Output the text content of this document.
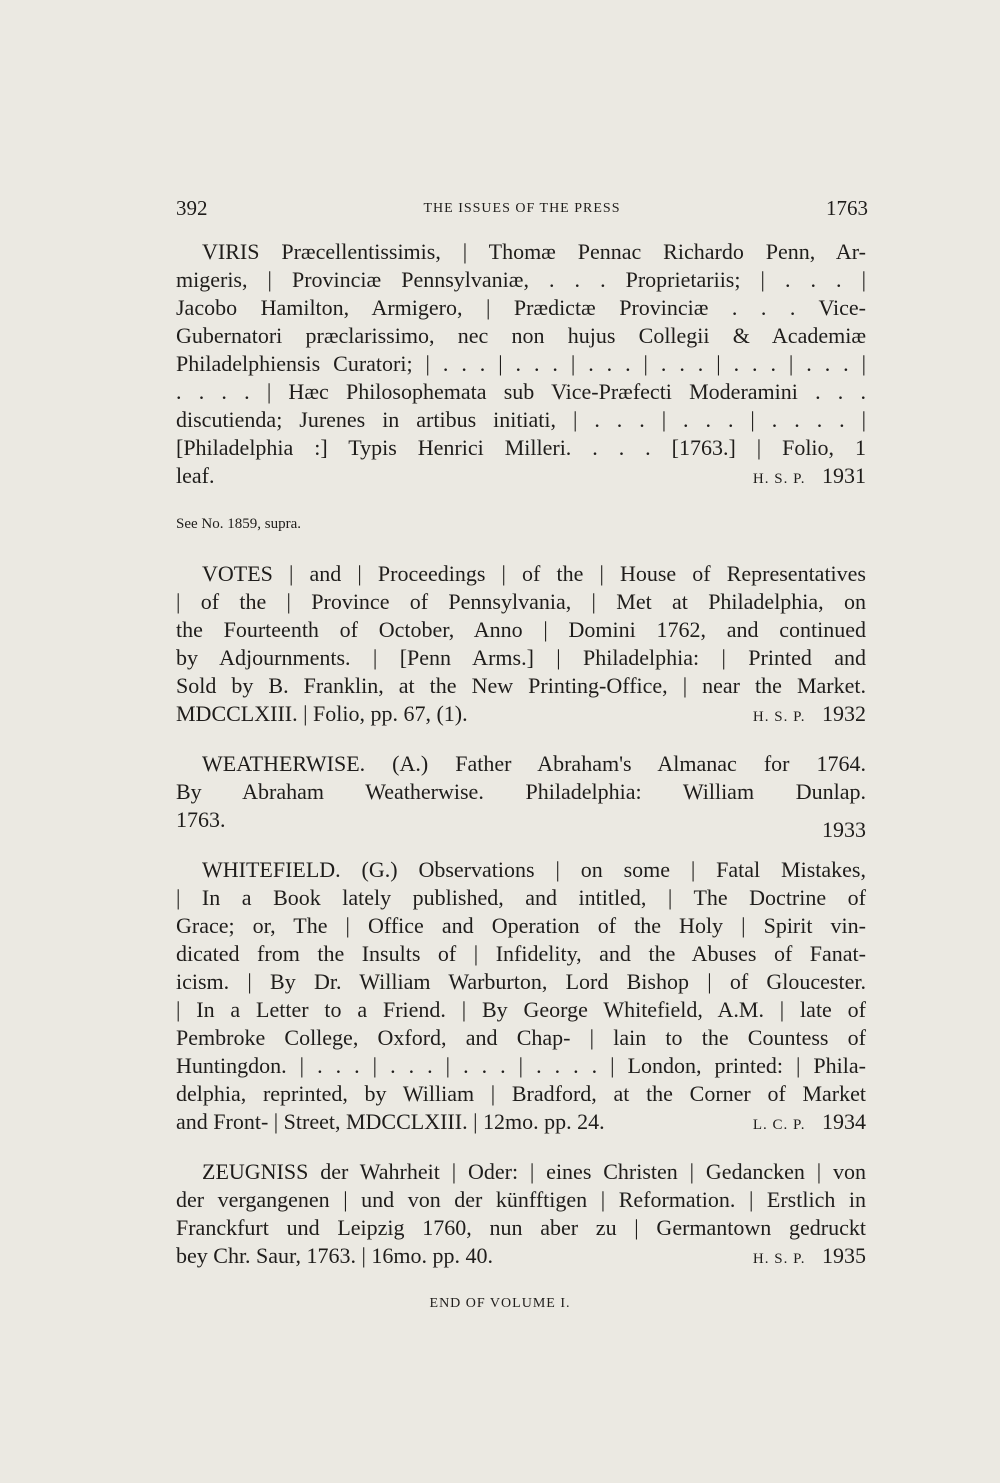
392	THE ISSUES OF THE PRESS	1763
VIRIS Præcellentissimis, | Thomæ Pennac Richardo Penn, Ar-
migeris, | Provinciæ Pennsylvaniæ, . . . Proprietariis; | . . . |
Jacobo Hamilton, Armigero, | Prædictæ Provinciæ . . . Vice-
Gubernatori præclarissimo, nec non hujus Collegii & Academiæ
Philadelphiensis Curatori; | . . . | . . . | . . . | . . . | . . . | . . . |
. . . . | Hæc Philosophemata sub Vice-Præfecti Moderamini . . .
discutienda; Jurenes in artibus initiati, | . . . | . . . | . . . . |
[Philadelphia :] Typis Henrici Milleri. . . . [1763.] | Folio, 1
leaf.	H. S. P. 1931
See No. 1859, supra.
VOTES | and | Proceedings | of the | House of Representatives
| of the | Province of Pennsylvania, | Met at Philadelphia, on
the Fourteenth of October, Anno | Domini 1762, and continued
by Adjournments. | [Penn Arms.] | Philadelphia: | Printed and
Sold by B. Franklin, at the New Printing-Office, | near the Market.
MDCCLXIII. | Folio, pp. 67, (1).	H. S. P. 1932
WEATHERWISE. (A.) Father Abraham's Almanac for 1764.
By Abraham Weatherwise. Philadelphia: William Dunlap.
1763.	1933
WHITEFIELD. (G.) Observations | on some | Fatal Mistakes,
| In a Book lately published, and intitled, | The Doctrine of
Grace; or, The | Office and Operation of the Holy | Spirit vin-
dicated from the Insults of | Infidelity, and the Abuses of Fanat-
icism. | By Dr. William Warburton, Lord Bishop | of Gloucester.
| In a Letter to a Friend. | By George Whitefield, A.M. | late of
Pembroke College, Oxford, and Chap- | lain to the Countess of
Huntingdon. | . . . | . . . | . . . | . . . . | London, printed: | Phila-
delphia, reprinted, by William | Bradford, at the Corner of Market
and Front- | Street, MDCCLXIII. | 12mo. pp. 24.	L. C. P. 1934
ZEUGNISS der Wahrheit | Oder: | eines Christen | Gedancken | von
der vergangenen | und von der künfftigen | Reformation. | Erstlich in
Franckfurt und Leipzig 1760, nun aber zu | Germantown gedruckt
bey Chr. Saur, 1763. | 16mo. pp. 40.	H. S. P. 1935
END OF VOLUME I.
